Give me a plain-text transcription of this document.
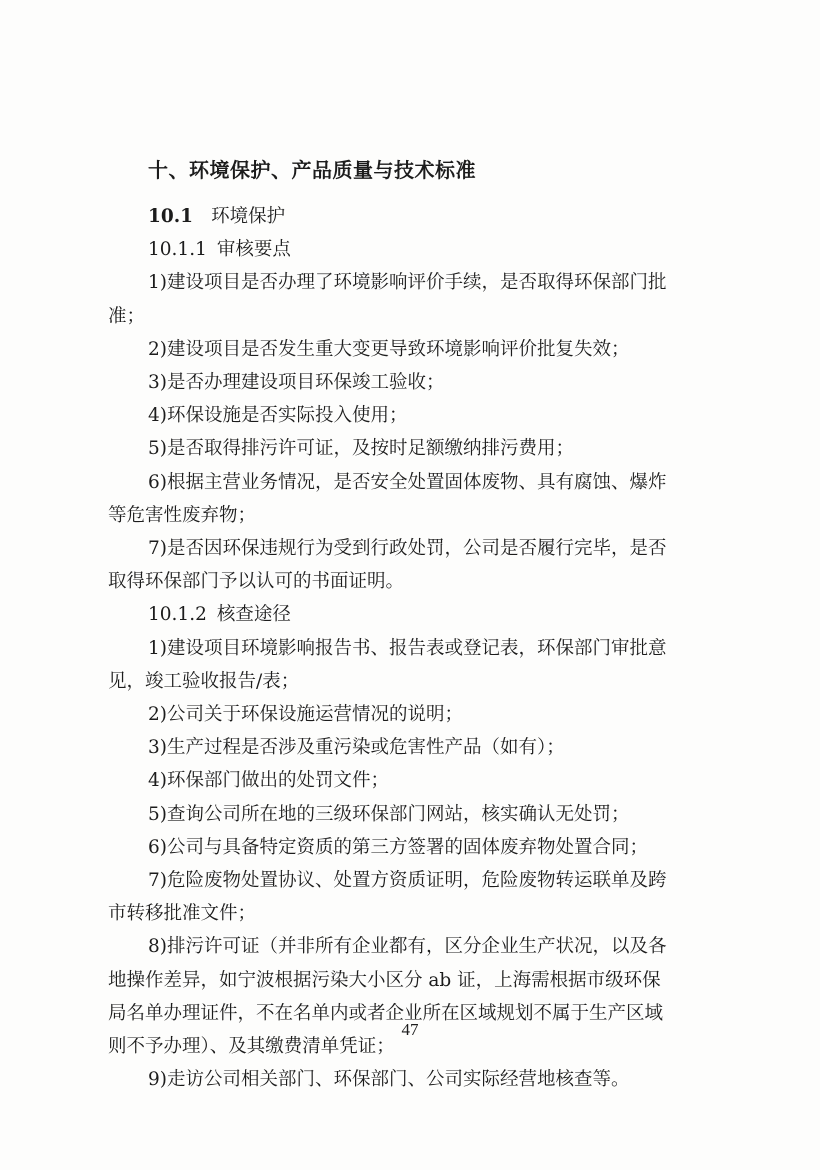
十、环境保护、产品质量与技术标准
10.1 环境保护
10.1.1 审核要点
1)建设项目是否办理了环境影响评价手续，是否取得环保部门批
准；
2)建设项目是否发生重大变更导致环境影响评价批复失效；
3)是否办理建设项目环保竣工验收；
4)环保设施是否实际投入使用；
5)是否取得排污许可证，及按时足额缴纳排污费用；
6)根据主营业务情况，是否安全处置固体废物、具有腐蚀、爆炸
等危害性废弃物；
7)是否因环保违规行为受到行政处罚，公司是否履行完毕，是否
取得环保部门予以认可的书面证明。
10.1.2 核查途径
1)建设项目环境影响报告书、报告表或登记表，环保部门审批意
见，竣工验收报告/表；
2)公司关于环保设施运营情况的说明；
3)生产过程是否涉及重污染或危害性产品（如有）；
4)环保部门做出的处罚文件；
5)查询公司所在地的三级环保部门网站，核实确认无处罚；
6)公司与具备特定资质的第三方签署的固体废弃物处置合同；
7)危险废物处置协议、处置方资质证明，危险废物转运联单及跨
市转移批准文件；
8)排污许可证（并非所有企业都有，区分企业生产状况，以及各
地操作差异，如宁波根据污染大小区分 ab 证，上海需根据市级环保
局名单办理证件，不在名单内或者企业所在区域规划不属于生产区域
则不予办理）、及其缴费清单凭证；
9)走访公司相关部门、环保部门、公司实际经营地核查等。
47
